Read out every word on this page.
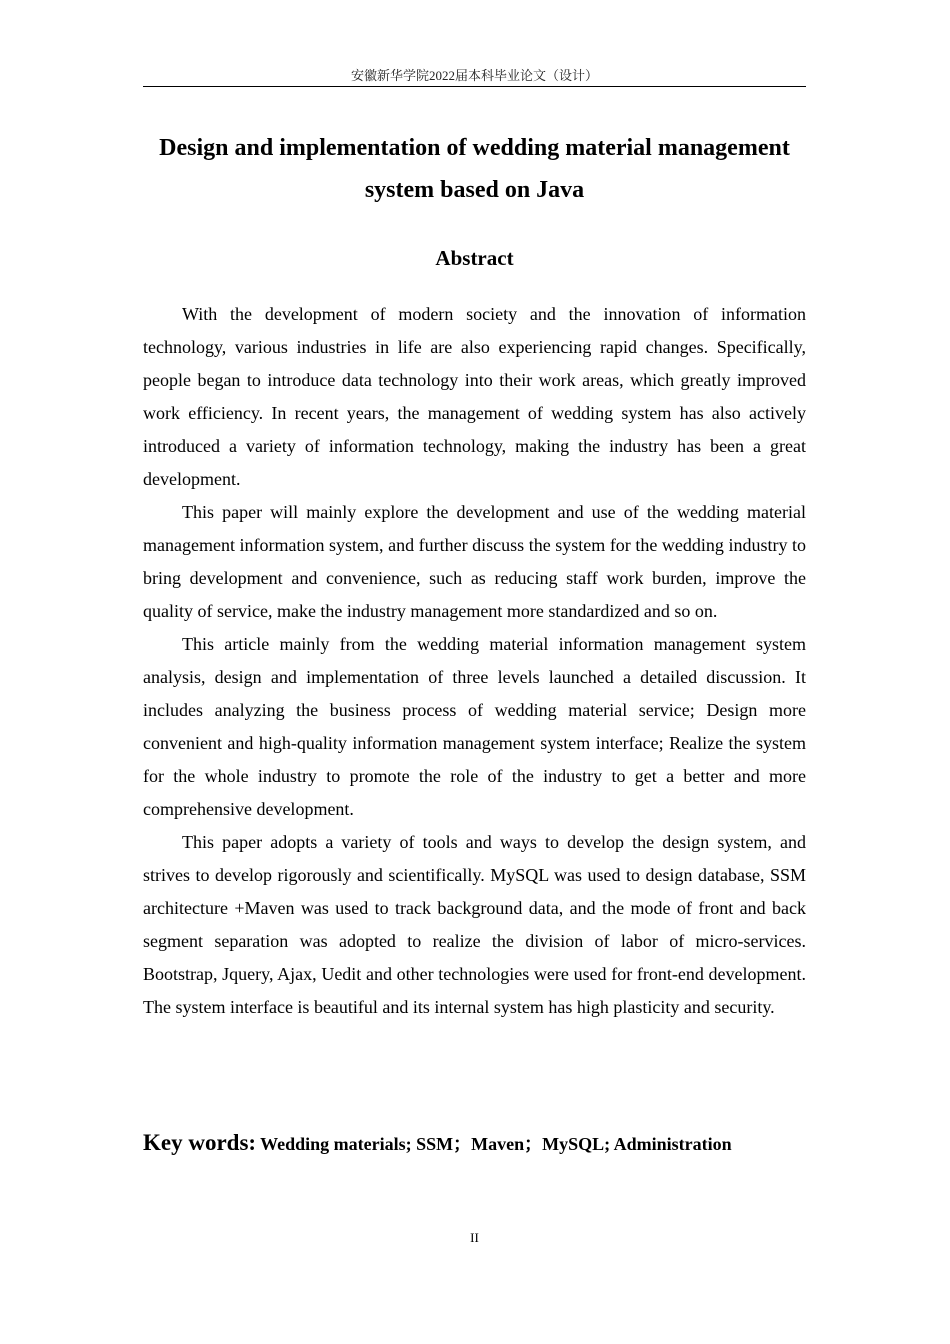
安徽新华学院2022届本科毕业论文（设计）
Design and implementation of wedding material management
system based on Java
Abstract

With the development of modern society and the innovation of information technology, various industries in life are also experiencing rapid changes. Specifically, people began to introduce data technology into their work areas, which greatly improved work efficiency. In recent years, the management of wedding system has also actively introduced a variety of information technology, making the industry has been a great development.

This paper will mainly explore the development and use of the wedding material management information system, and further discuss the system for the wedding industry to bring development and convenience, such as reducing staff work burden, improve the quality of service, make the industry management more standardized and so on.

This article mainly from the wedding material information management system analysis, design and implementation of three levels launched a detailed discussion. It includes analyzing the business process of wedding material service; Design more convenient and high-quality information management system interface; Realize the system for the whole industry to promote the role of the industry to get a better and more comprehensive development.

This paper adopts a variety of tools and ways to develop the design system, and strives to develop rigorously and scientifically. MySQL was used to design database, SSM architecture +Maven was used to track background data, and the mode of front and back segment separation was adopted to realize the division of labor of micro-services. Bootstrap, Jquery, Ajax, Uedit and other technologies were used for front-end development. The system interface is beautiful and its internal system has high plasticity and security.

Key words: Wedding materials; SSM；Maven；MySQL; Administration
II
